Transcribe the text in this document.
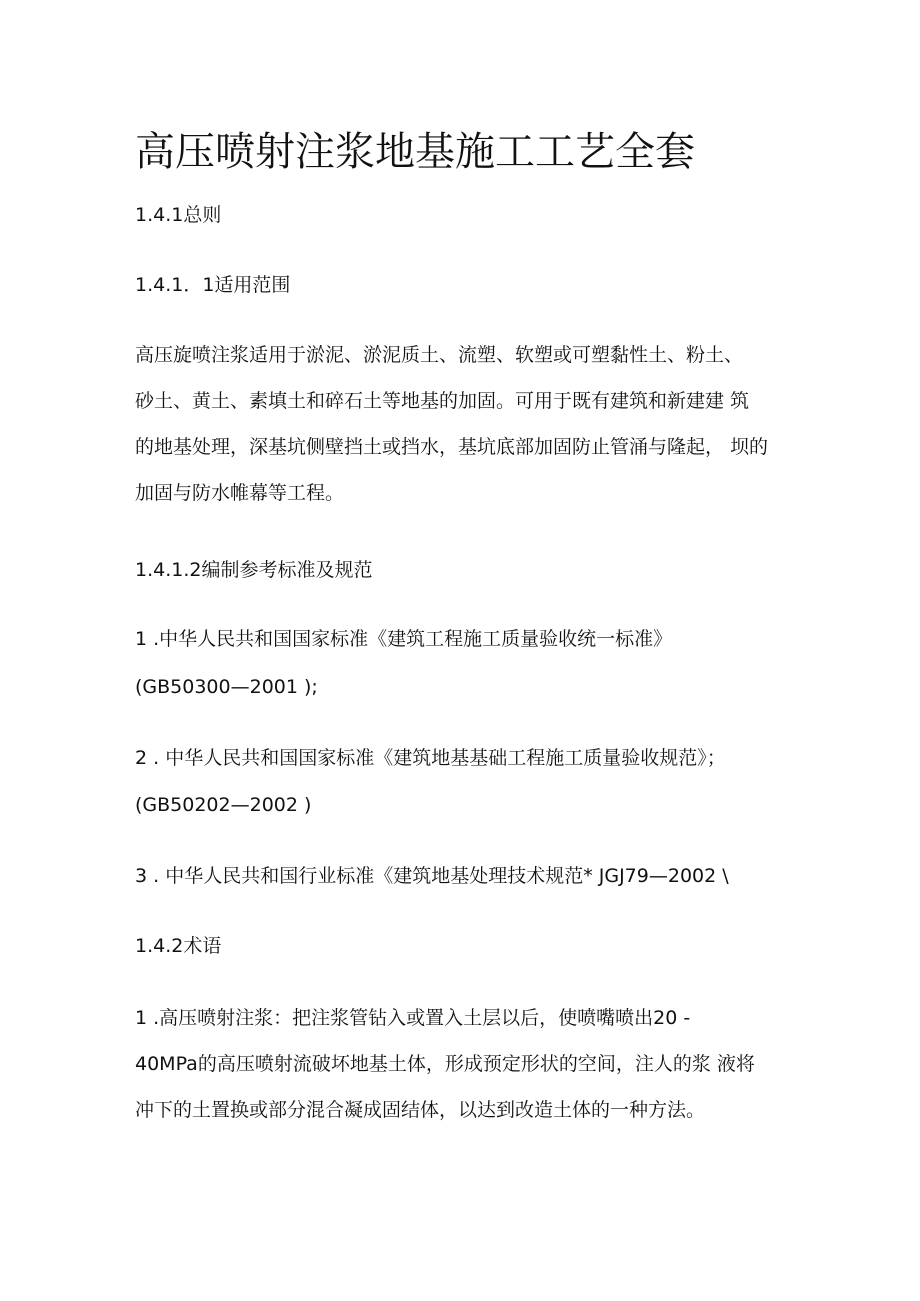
高压喷射注浆地基施工工艺全套

1.4.1总则

1.4.1．1适用范围

高压旋喷注浆适用于淤泥、淤泥质土、流塑、软塑或可塑黏性土、粉土、
砂土、黄土、素填土和碎石土等地基的加固。可用于既有建筑和新建建 筑
的地基处理，深基坑侧壁挡土或挡水，基坑底部加固防止管涌与隆起， 坝的
加固与防水帷幕等工程。

1.4.1.2编制参考标准及规范

1 .中华人民共和国国家标准《建筑工程施工质量验收统一标准》

(GB50300—2001 );

2 . 中华人民共和国国家标准《建筑地基基础工程施工质量验收规范》；

(GB50202—2002 )

3 . 中华人民共和国行业标准《建筑地基处理技术规范* JGJ79—2002 \

1.4.2术语

1 .高压喷射注浆：把注浆管钻入或置入土层以后，使喷嘴喷出20 -
40MPa的高压喷射流破坏地基土体，形成预定形状的空间，注人的浆 液将
冲下的土置换或部分混合凝成固结体，以达到改造土体的一种方法。
